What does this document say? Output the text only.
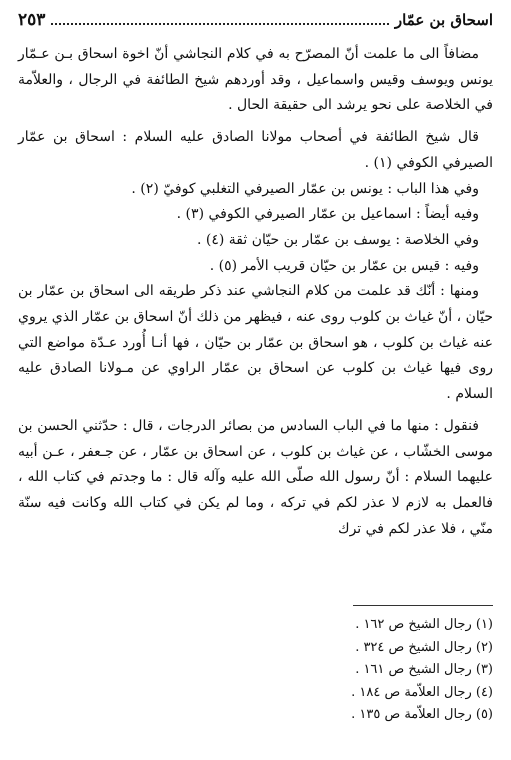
اسحاق بن عمّار
٢٥٣

مضافاً الى ما علمت أنّ المصرّح به في كلام النجاشي أنّ اخوة اسحاق بـن عـمّار يونس ويوسف وقيس واسماعيل ، وقد أوردهم شيخ الطائفة في الرجال ، والعلاّمة في الخلاصة على نحو يرشد الى حقيقة الحال .

قال شيخ الطائفة في أصحاب مولانا الصادق عليه السلام : اسحاق بن عمّار الصيرفي الكوفي (١) .

وفي هذا الباب : يونس بن عمّار الصيرفي التغلبي كوفيّ (٢) .

وفيه أيضاً : اسماعيل بن عمّار الصيرفي الكوفي (٣) .

وفي الخلاصة : يوسف بن عمّار بن حيّان ثقة (٤) .

وفيه : قيس بن عمّار بن حيّان قريب الأمر (٥) .

ومنها : أنّك قد علمت من كلام النجاشي عند ذكر طريقه الى اسحاق بن عمّار بن حيّان ، أنّ غياث بن كلوب روى عنه ، فيظهر من ذلك أنّ اسحاق بن عمّار الذي يروي عنه غياث بن كلوب ، هو اسحاق بن عمّار بن حيّان ، فها أنـا أُورد عـدّة مواضع التي روى فيها غياث بن كلوب عن اسحاق بن عمّار الراوي عن مـولانا الصادق عليه السلام .

فنقول : منها ما في الباب السادس من بصائر الدرجات ، قال : حدّثني الحسن بن موسى الخشّاب ، عن غياث بن كلوب ، عن اسحاق بن عمّار ، عن جـعفر ، عـن أبيه عليهما السلام : أنّ رسول الله صلّى الله عليه وآله قال : ما وجدتم في كتاب الله ، فالعمل به لازم لا عذر لكم في تركه ، وما لم يكن في كتاب الله وكانت فيه سنّة منّي ، فلا عذر لكم في ترك

(١) رجال الشيخ ص ١٦٢ .
(٢) رجال الشيخ ص ٣٢٤ .
(٣) رجال الشيخ ص ١٦١ .
(٤) رجال العلاّمة ص ١٨٤ .
(٥) رجال العلاّمة ص ١٣٥ .
